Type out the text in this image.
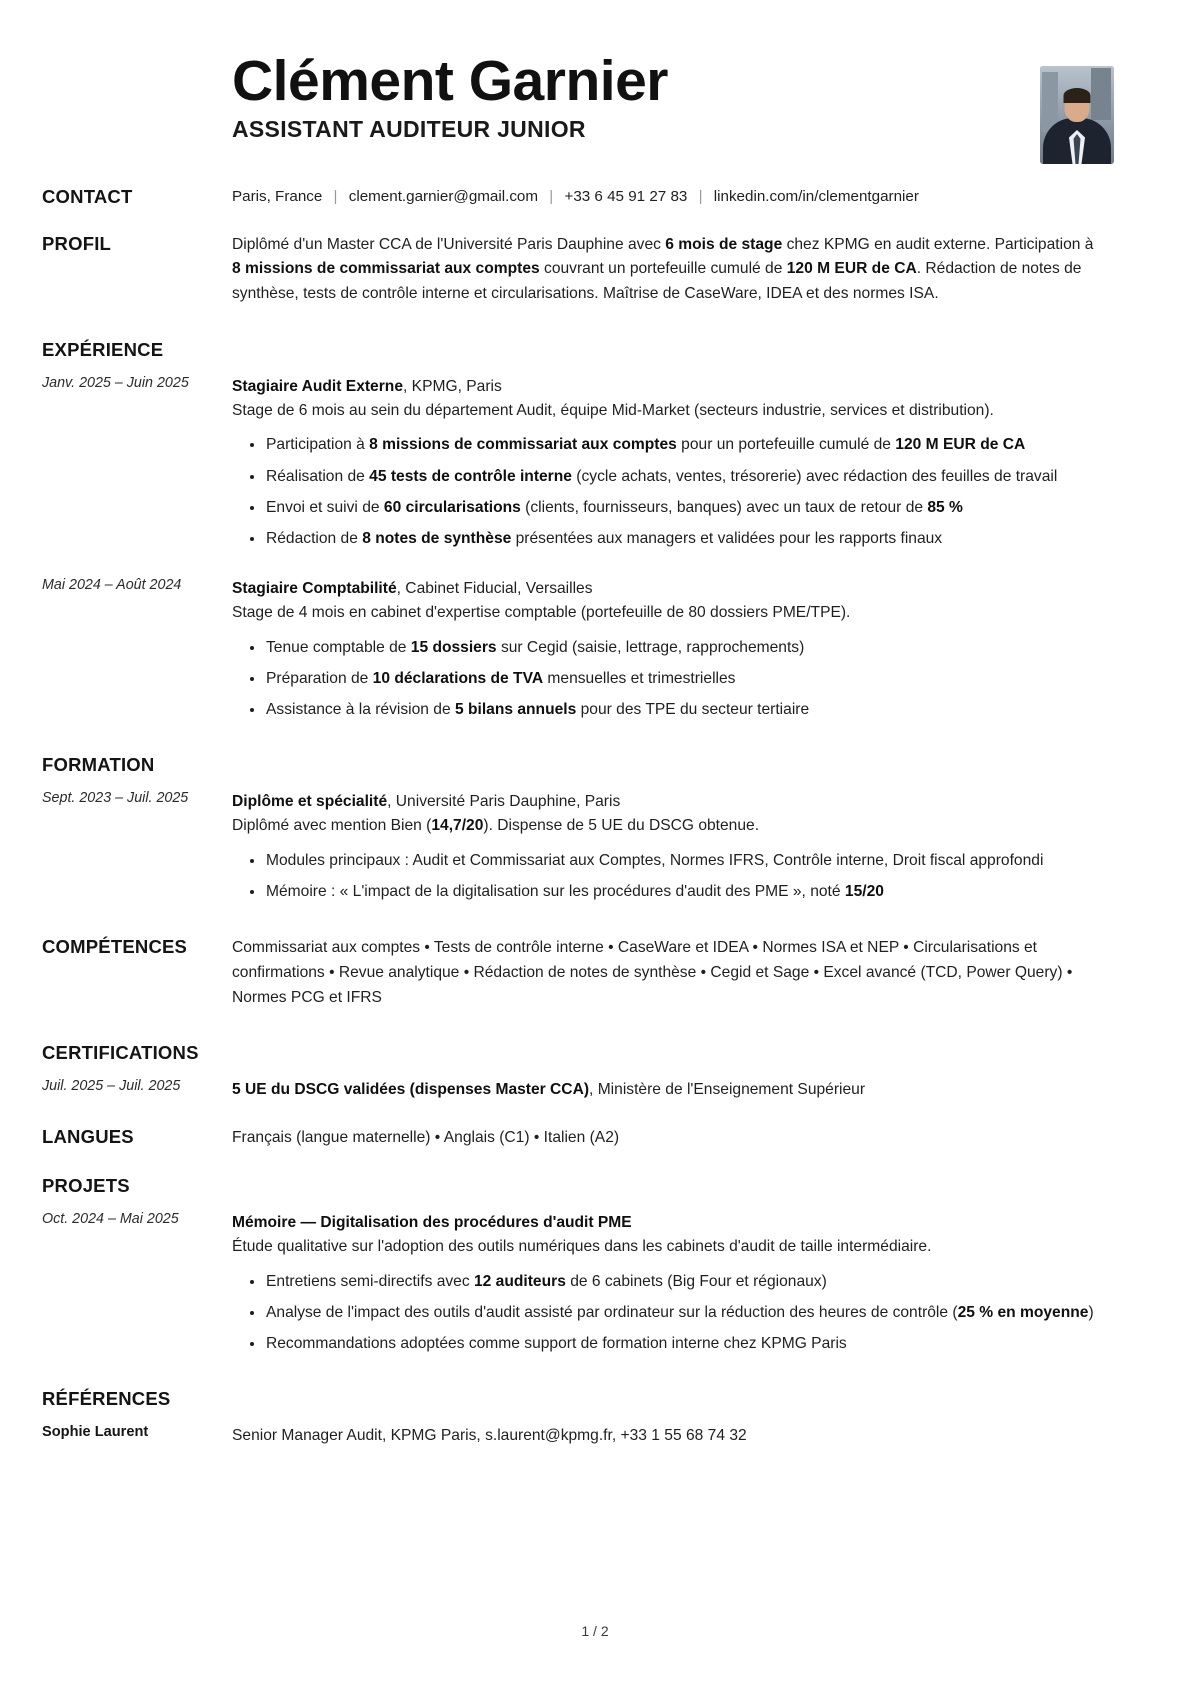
Clément Garnier
ASSISTANT AUDITEUR JUNIOR
CONTACT	Paris, France | clement.garnier@gmail.com | +33 6 45 91 27 83 | linkedin.com/in/clementgarnier
PROFIL	Diplômé d'un Master CCA de l'Université Paris Dauphine avec 6 mois de stage chez KPMG en audit externe. Participation à 8 missions de commissariat aux comptes couvrant un portefeuille cumulé de 120 M EUR de CA. Rédaction de notes de synthèse, tests de contrôle interne et circularisations. Maîtrise de CaseWare, IDEA et des normes ISA.
EXPÉRIENCE
Janv. 2025 – Juin 2025	Stagiaire Audit Externe, KPMG, Paris
Stage de 6 mois au sein du département Audit, équipe Mid-Market (secteurs industrie, services et distribution).
Participation à 8 missions de commissariat aux comptes pour un portefeuille cumulé de 120 M EUR de CA
Réalisation de 45 tests de contrôle interne (cycle achats, ventes, trésorerie) avec rédaction des feuilles de travail
Envoi et suivi de 60 circularisations (clients, fournisseurs, banques) avec un taux de retour de 85 %
Rédaction de 8 notes de synthèse présentées aux managers et validées pour les rapports finaux
Mai 2024 – Août 2024	Stagiaire Comptabilité, Cabinet Fiducial, Versailles
Stage de 4 mois en cabinet d'expertise comptable (portefeuille de 80 dossiers PME/TPE).
Tenue comptable de 15 dossiers sur Cegid (saisie, lettrage, rapprochements)
Préparation de 10 déclarations de TVA mensuelles et trimestrielles
Assistance à la révision de 5 bilans annuels pour des TPE du secteur tertiaire
FORMATION
Sept. 2023 – Juil. 2025	Diplôme et spécialité, Université Paris Dauphine, Paris
Diplômé avec mention Bien (14,7/20). Dispense de 5 UE du DSCG obtenue.
Modules principaux : Audit et Commissariat aux Comptes, Normes IFRS, Contrôle interne, Droit fiscal approfondi
Mémoire : « L'impact de la digitalisation sur les procédures d'audit des PME », noté 15/20
COMPÉTENCES	Commissariat aux comptes • Tests de contrôle interne • CaseWare et IDEA • Normes ISA et NEP • Circularisations et confirmations • Revue analytique • Rédaction de notes de synthèse • Cegid et Sage • Excel avancé (TCD, Power Query) • Normes PCG et IFRS
CERTIFICATIONS
Juil. 2025 – Juil. 2025	5 UE du DSCG validées (dispenses Master CCA), Ministère de l'Enseignement Supérieur
LANGUES	Français (langue maternelle) • Anglais (C1) • Italien (A2)
PROJETS
Oct. 2024 – Mai 2025	Mémoire — Digitalisation des procédures d'audit PME
Étude qualitative sur l'adoption des outils numériques dans les cabinets d'audit de taille intermédiaire.
Entretiens semi-directifs avec 12 auditeurs de 6 cabinets (Big Four et régionaux)
Analyse de l'impact des outils d'audit assisté par ordinateur sur la réduction des heures de contrôle (25 % en moyenne)
Recommandations adoptées comme support de formation interne chez KPMG Paris
RÉFÉRENCES
Sophie Laurent	Senior Manager Audit, KPMG Paris, s.laurent@kpmg.fr, +33 1 55 68 74 32
1 / 2
